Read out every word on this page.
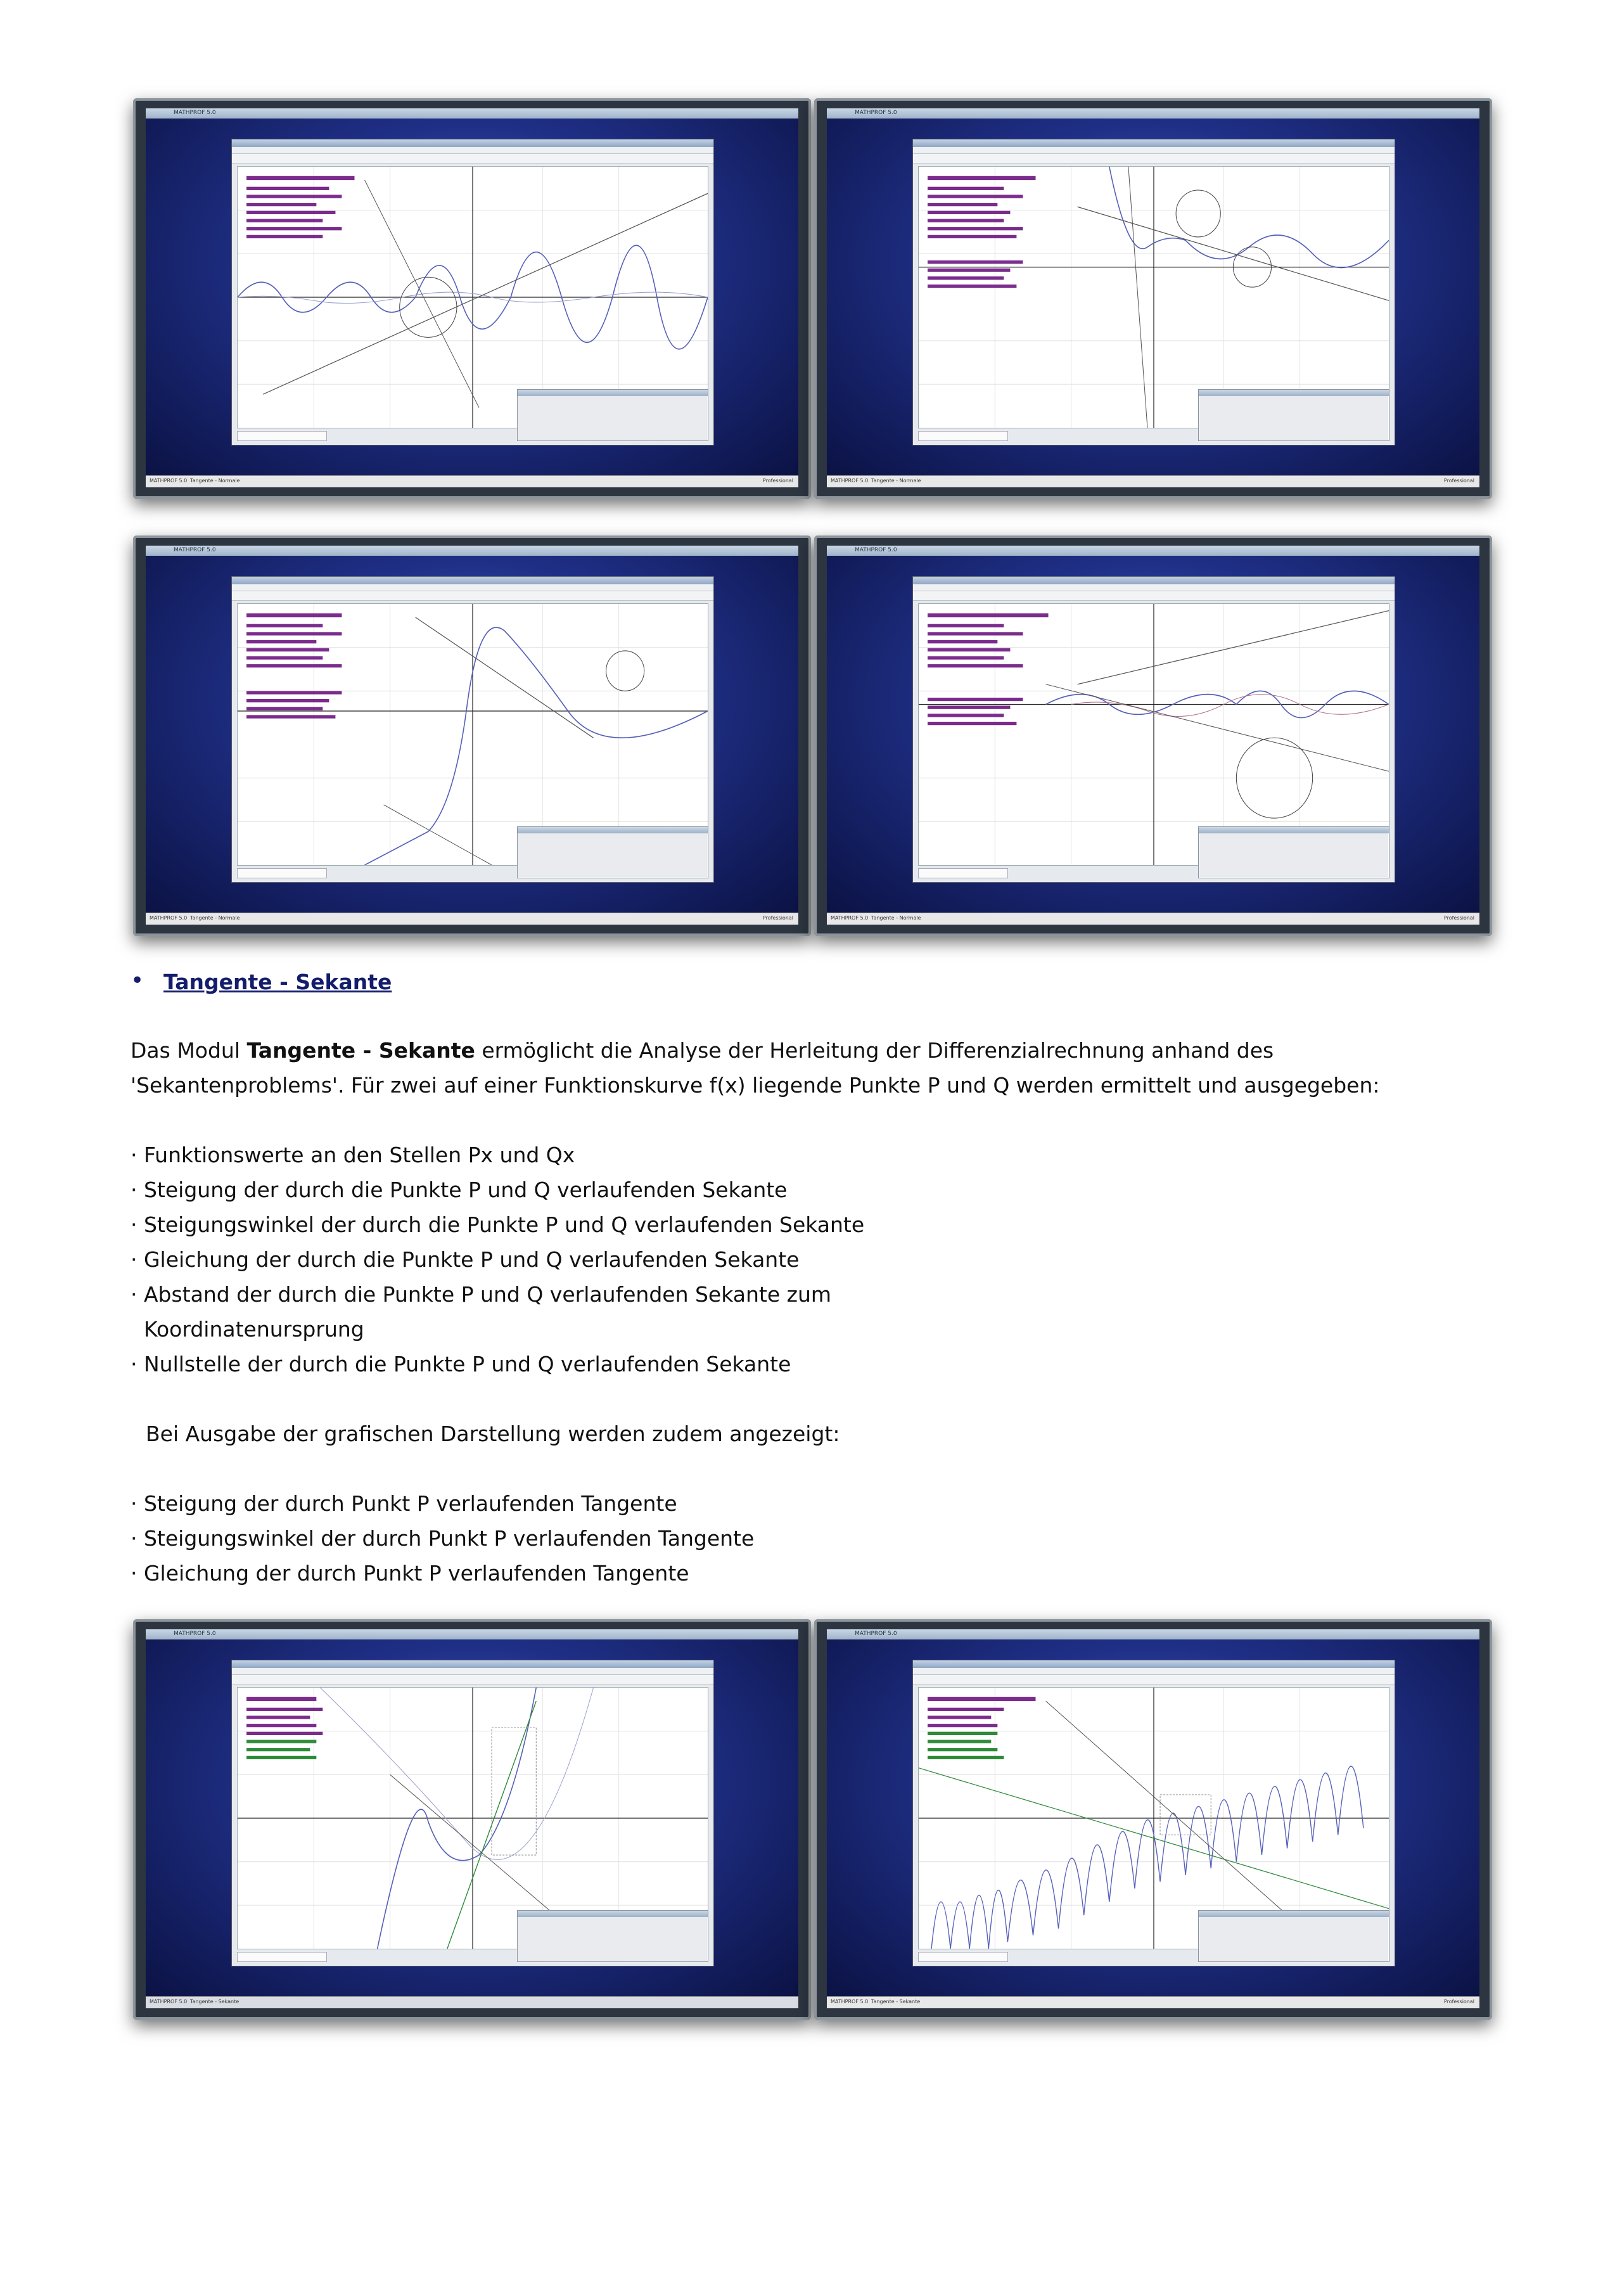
MATHPROF 5.0
MATHPROF 5.0 Tangente - Normale	Professional
MATHPROF 5.0
MATHPROF 5.0 Tangente - Normale	Professional
MATHPROF 5.0
MATHPROF 5.0 Tangente - Normale	Professional
MATHPROF 5.0
MATHPROF 5.0 Tangente - Normale	Professional
• Tangente - Sekante
Das Modul Tangente - Sekante ermöglicht die Analyse der Herleitung der Differenzialrechnung anhand des
'Sekantenproblems'. Für zwei auf einer Funktionskurve f(x) liegende Punkte P und Q werden ermittelt und ausgegeben:
· Funktionswerte an den Stellen Px und Qx
· Steigung der durch die Punkte P und Q verlaufenden Sekante
· Steigungswinkel der durch die Punkte P und Q verlaufenden Sekante
· Gleichung der durch die Punkte P und Q verlaufenden Sekante
· Abstand der durch die Punkte P und Q verlaufenden Sekante zum
Koordinatenursprung
· Nullstelle der durch die Punkte P und Q verlaufenden Sekante
Bei Ausgabe der grafischen Darstellung werden zudem angezeigt:
· Steigung der durch Punkt P verlaufenden Tangente
· Steigungswinkel der durch Punkt P verlaufenden Tangente
· Gleichung der durch Punkt P verlaufenden Tangente
MATHPROF 5.0
MATHPROF 5.0 Tangente - Sekante
MATHPROF 5.0
MATHPROF 5.0 Tangente - Sekante	Professional
